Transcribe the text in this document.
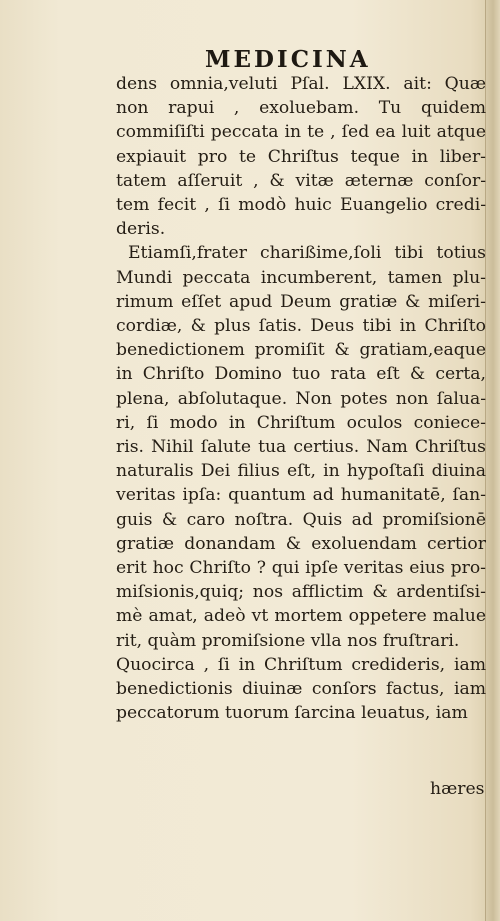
MEDICINA
dens omnia,veluti Pſal. LXIX. ait: Quæ
non rapui , exoluebam. Tu quidem
commiſiſti peccata in te , ſed ea luit atque
expiauit pro te Chriſtus teque in liber-
tatem aſſeruit , & vitæ æternæ conſor-
tem fecit , ſi modò huic Euangelio credi-
deris.
Etiamſi,frater charißime,ſoli tibi totius
Mundi peccata incumberent, tamen plu-
rimum eſſet apud Deum gratiæ & miſeri-
cordiæ, & plus ſatis. Deus tibi in Chriſto
benedictionem promiſit & gratiam,eaque
in Chriſto Domino tuo rata eſt & certa,
plena, abſolutaque. Non potes non ſalua-
ri, ſi modo in Chriſtum oculos coniece-
ris. Nihil ſalute tua certius. Nam Chriſtus
naturalis Dei filius eſt, in hypoſtaſi diuina
veritas ipſa: quantum ad humanitatē, ſan-
guis & caro noſtra. Quis ad promiſsionē
gratiæ donandam & exoluendam certior
erit hoc Chriſto ? qui ipſe veritas eius pro-
miſsionis,quiq; nos afflictim & ardentiſsi-
mè amat, adeò vt mortem oppetere malue
rit, quàm promiſsione vlla nos fruſtrari.
Quocirca , ſi in Chriſtum credideris, iam
benedictionis diuinæ conſors factus, iam
peccatorum tuorum ſarcina leuatus, iam
hæres
